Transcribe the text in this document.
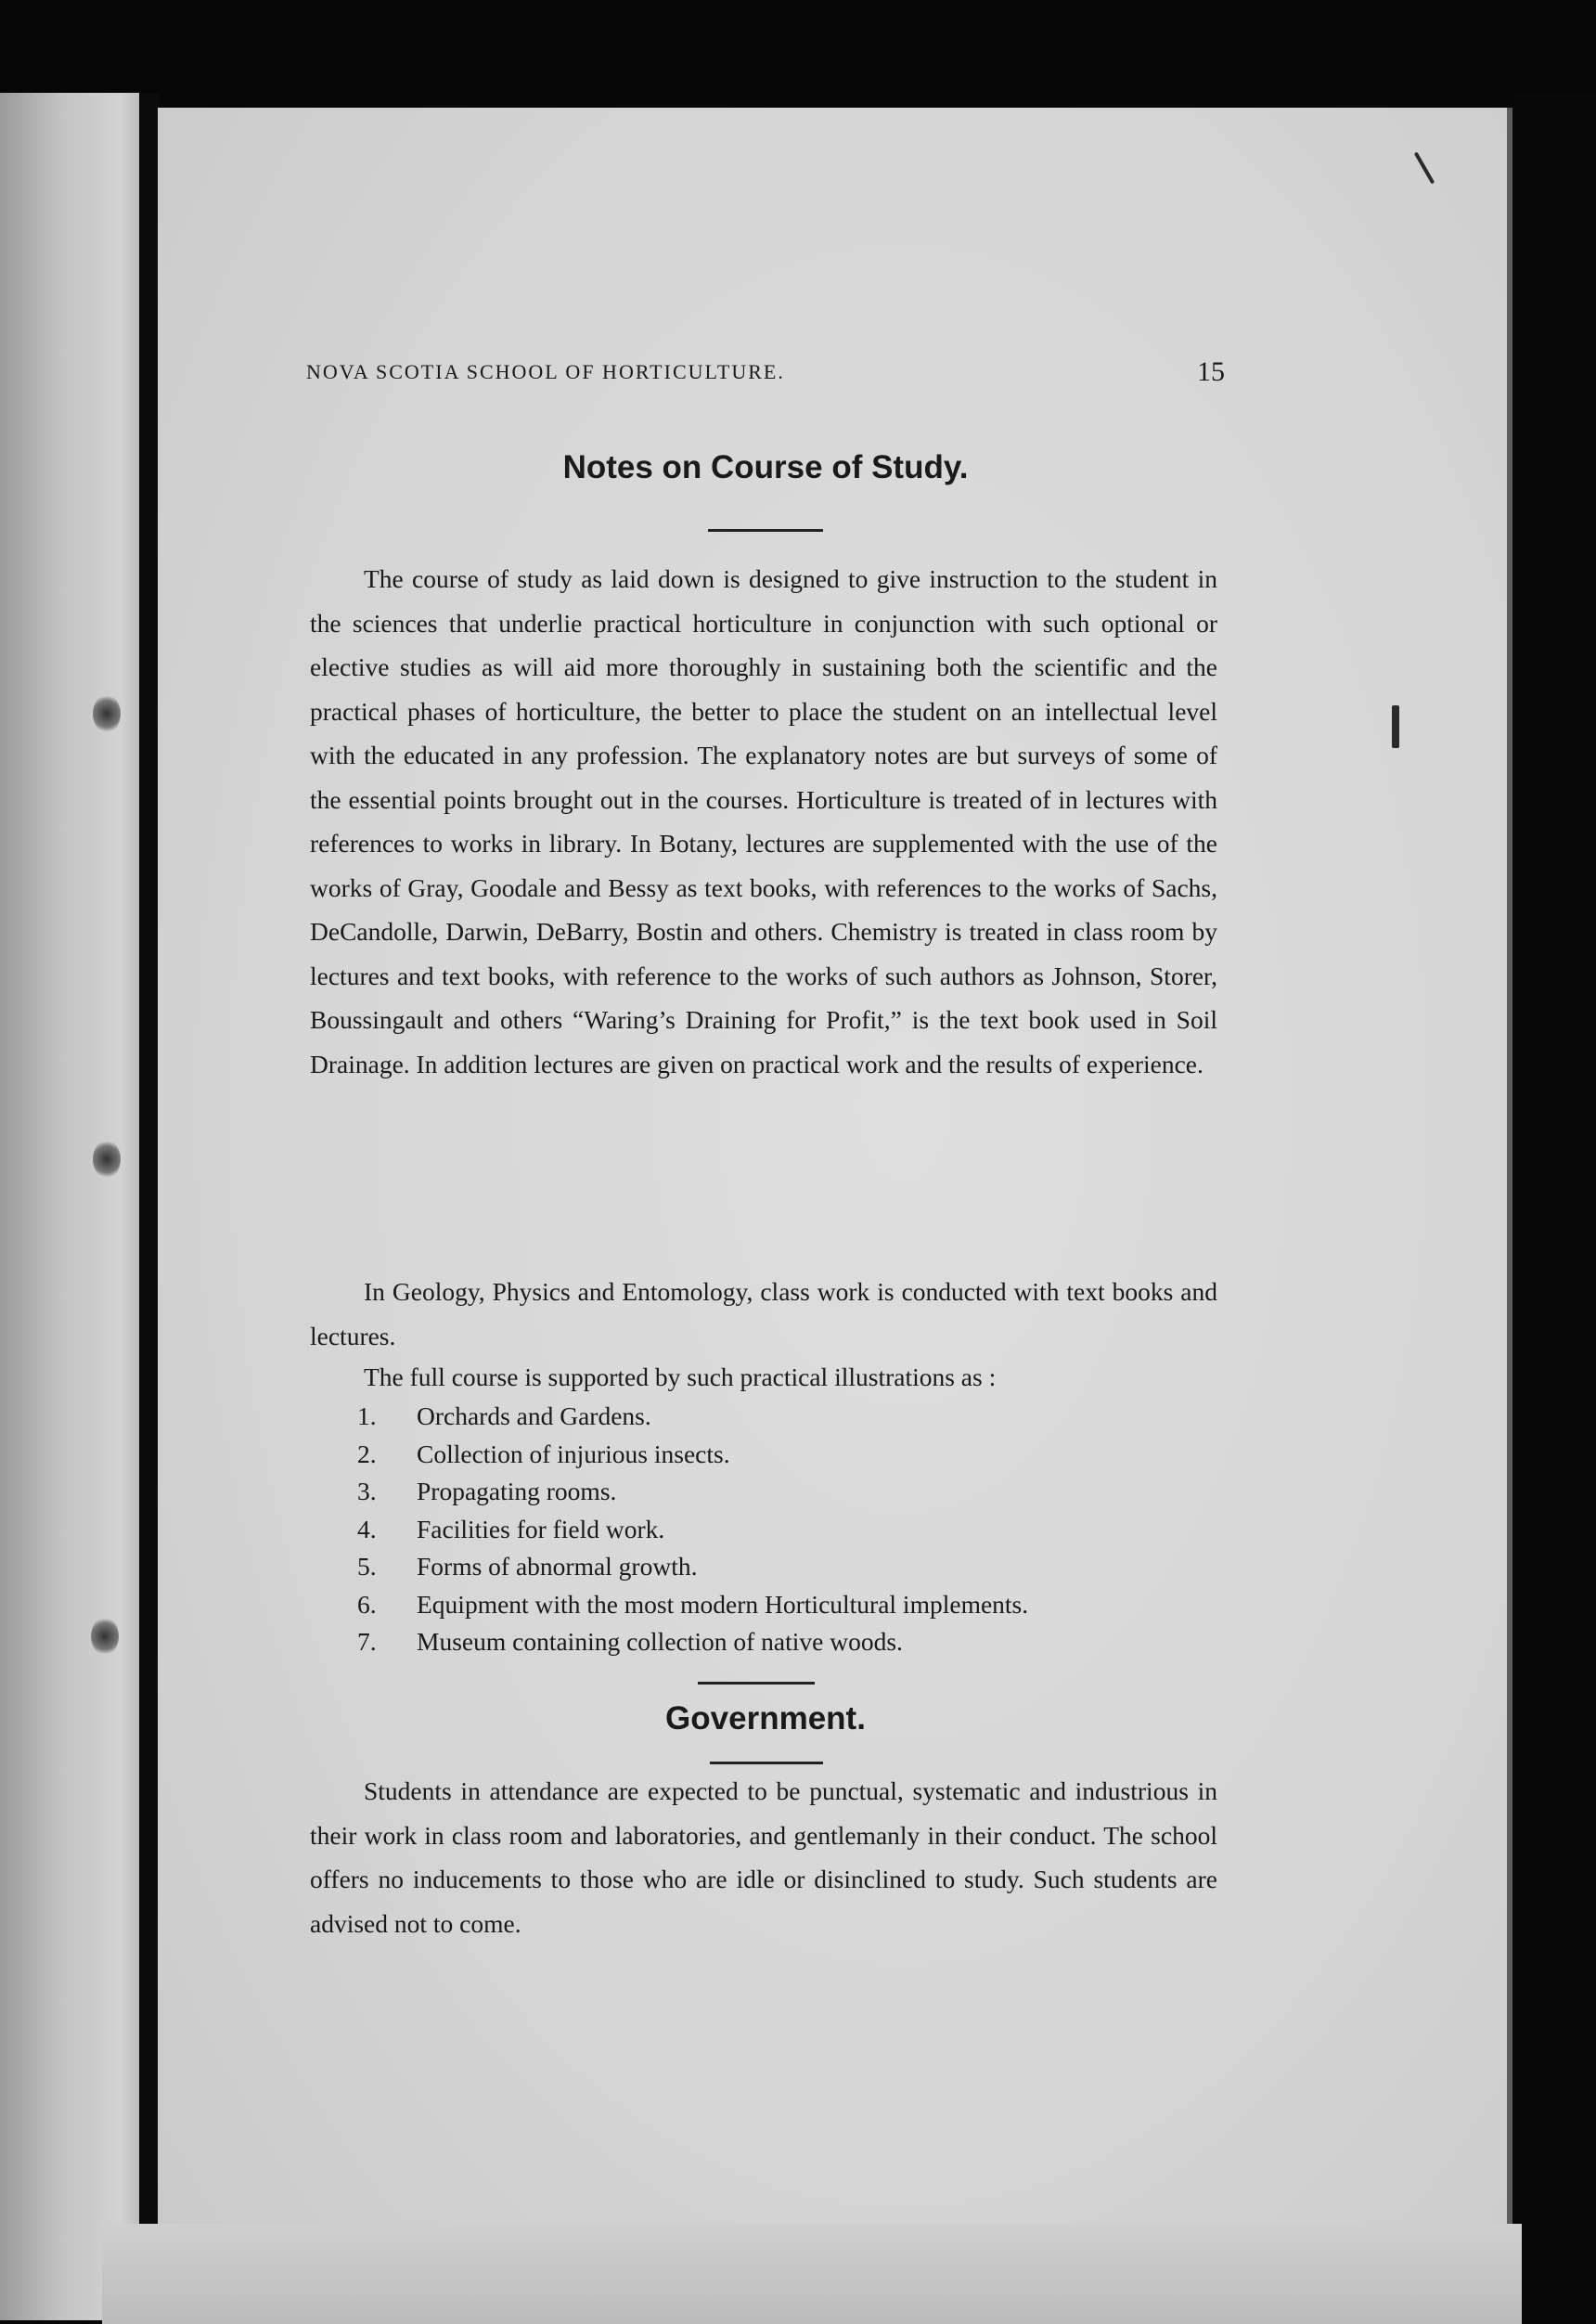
NOVA SCOTIA SCHOOL OF HORTICULTURE.	15
Notes on Course of Study.

The course of study as laid down is designed to give instruction to the student in the sciences that underlie practical horticulture in conjunction with such optional or elective studies as will aid more thoroughly in sustaining both the scientific and the practical phases of horticulture, the better to place the student on an intellectual level with the educated in any profession. The explanatory notes are but surveys of some of the essential points brought out in the courses. Horticulture is treated of in lectures with references to works in library. In Botany, lectures are supplemented with the use of the works of Gray, Goodale and Bessy as text books, with references to the works of Sachs, DeCandolle, Darwin, DeBarry, Bostin and others. Chemistry is treated in class room by lectures and text books, with reference to the works of such authors as Johnson, Storer, Boussingault and others “Waring’s Draining for Profit,” is the text book used in Soil Drainage. In addition lectures are given on practical work and the results of experience.

In Geology, Physics and Entomology, class work is conducted with text books and lectures.

The full course is supported by such practical illustrations as :

1. Orchards and Gardens.
2. Collection of injurious insects.
3. Propagating rooms.
4. Facilities for field work.
5. Forms of abnormal growth.
6. Equipment with the most modern Horticultural implements.
7. Museum containing collection of native woods.
Government.

Students in attendance are expected to be punctual, systematic and industrious in their work in class room and laboratories, and gentlemanly in their conduct. The school offers no inducements to those who are idle or disinclined to study. Such students are advised not to come.
